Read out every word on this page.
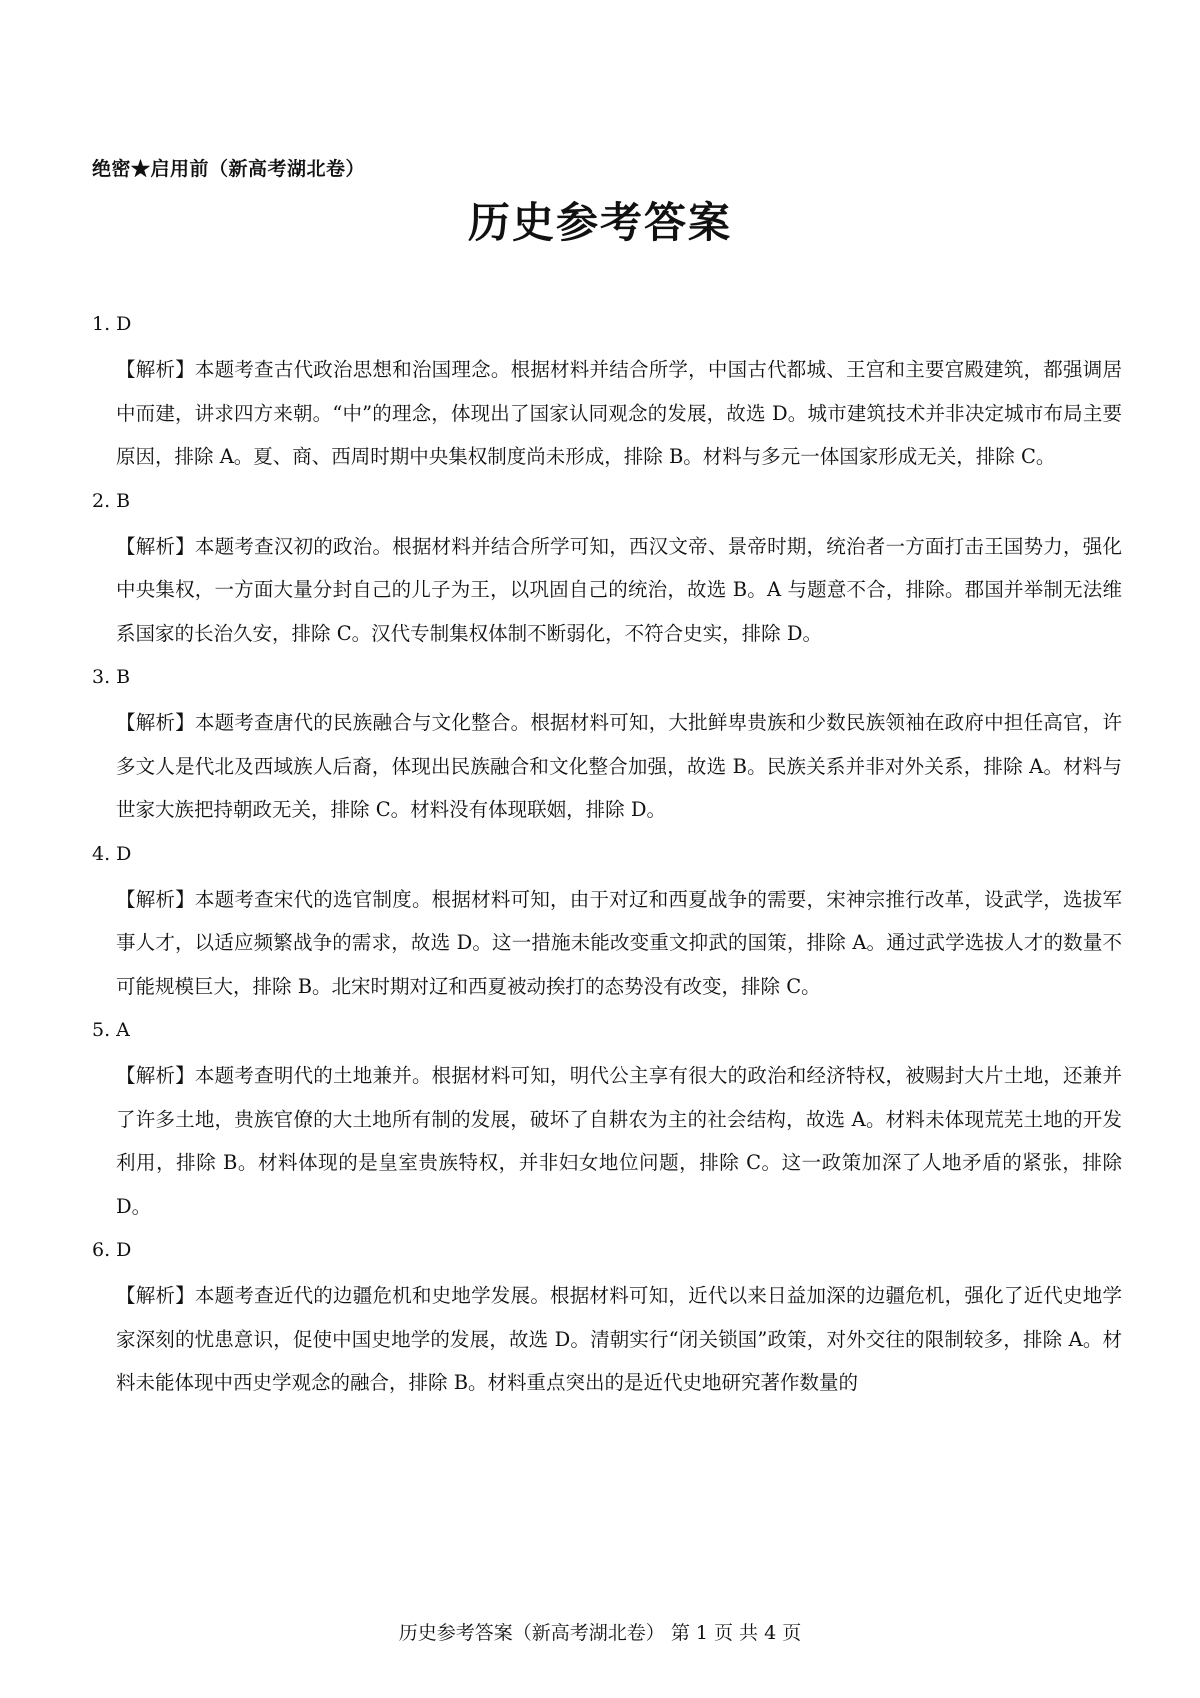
绝密★启用前（新高考湖北卷）
历史参考答案
1. D
【解析】本题考查古代政治思想和治国理念。根据材料并结合所学，中国古代都城、王宫和主要宫殿建筑，都强调居中而建，讲求四方来朝。“中”的理念，体现出了国家认同观念的发展，故选 D。城市建筑技术并非决定城市布局主要原因，排除 A。夏、商、西周时期中央集权制度尚未形成，排除 B。材料与多元一体国家形成无关，排除 C。
2. B
【解析】本题考查汉初的政治。根据材料并结合所学可知，西汉文帝、景帝时期，统治者一方面打击王国势力，强化中央集权，一方面大量分封自己的儿子为王，以巩固自己的统治，故选 B。A 与题意不合，排除。郡国并举制无法维系国家的长治久安，排除 C。汉代专制集权体制不断弱化，不符合史实，排除 D。
3. B
【解析】本题考查唐代的民族融合与文化整合。根据材料可知，大批鲜卑贵族和少数民族领袖在政府中担任高官，许多文人是代北及西域族人后裔，体现出民族融合和文化整合加强，故选 B。民族关系并非对外关系，排除 A。材料与世家大族把持朝政无关，排除 C。材料没有体现联姻，排除 D。
4. D
【解析】本题考查宋代的选官制度。根据材料可知，由于对辽和西夏战争的需要，宋神宗推行改革，设武学，选拔军事人才，以适应频繁战争的需求，故选 D。这一措施未能改变重文抑武的国策，排除 A。通过武学选拔人才的数量不可能规模巨大，排除 B。北宋时期对辽和西夏被动挨打的态势没有改变，排除 C。
5. A
【解析】本题考查明代的土地兼并。根据材料可知，明代公主享有很大的政治和经济特权，被赐封大片土地，还兼并了许多土地，贵族官僚的大土地所有制的发展，破坏了自耕农为主的社会结构，故选 A。材料未体现荒芜土地的开发利用，排除 B。材料体现的是皇室贵族特权，并非妇女地位问题，排除 C。这一政策加深了人地矛盾的紧张，排除 D。
6. D
【解析】本题考查近代的边疆危机和史地学发展。根据材料可知，近代以来日益加深的边疆危机，强化了近代史地学家深刻的忧患意识，促使中国史地学的发展，故选 D。清朝实行“闭关锁国”政策，对外交往的限制较多，排除 A。材料未能体现中西史学观念的融合，排除 B。材料重点突出的是近代史地研究著作数量的
历史参考答案（新高考湖北卷） 第 1 页 共 4 页
